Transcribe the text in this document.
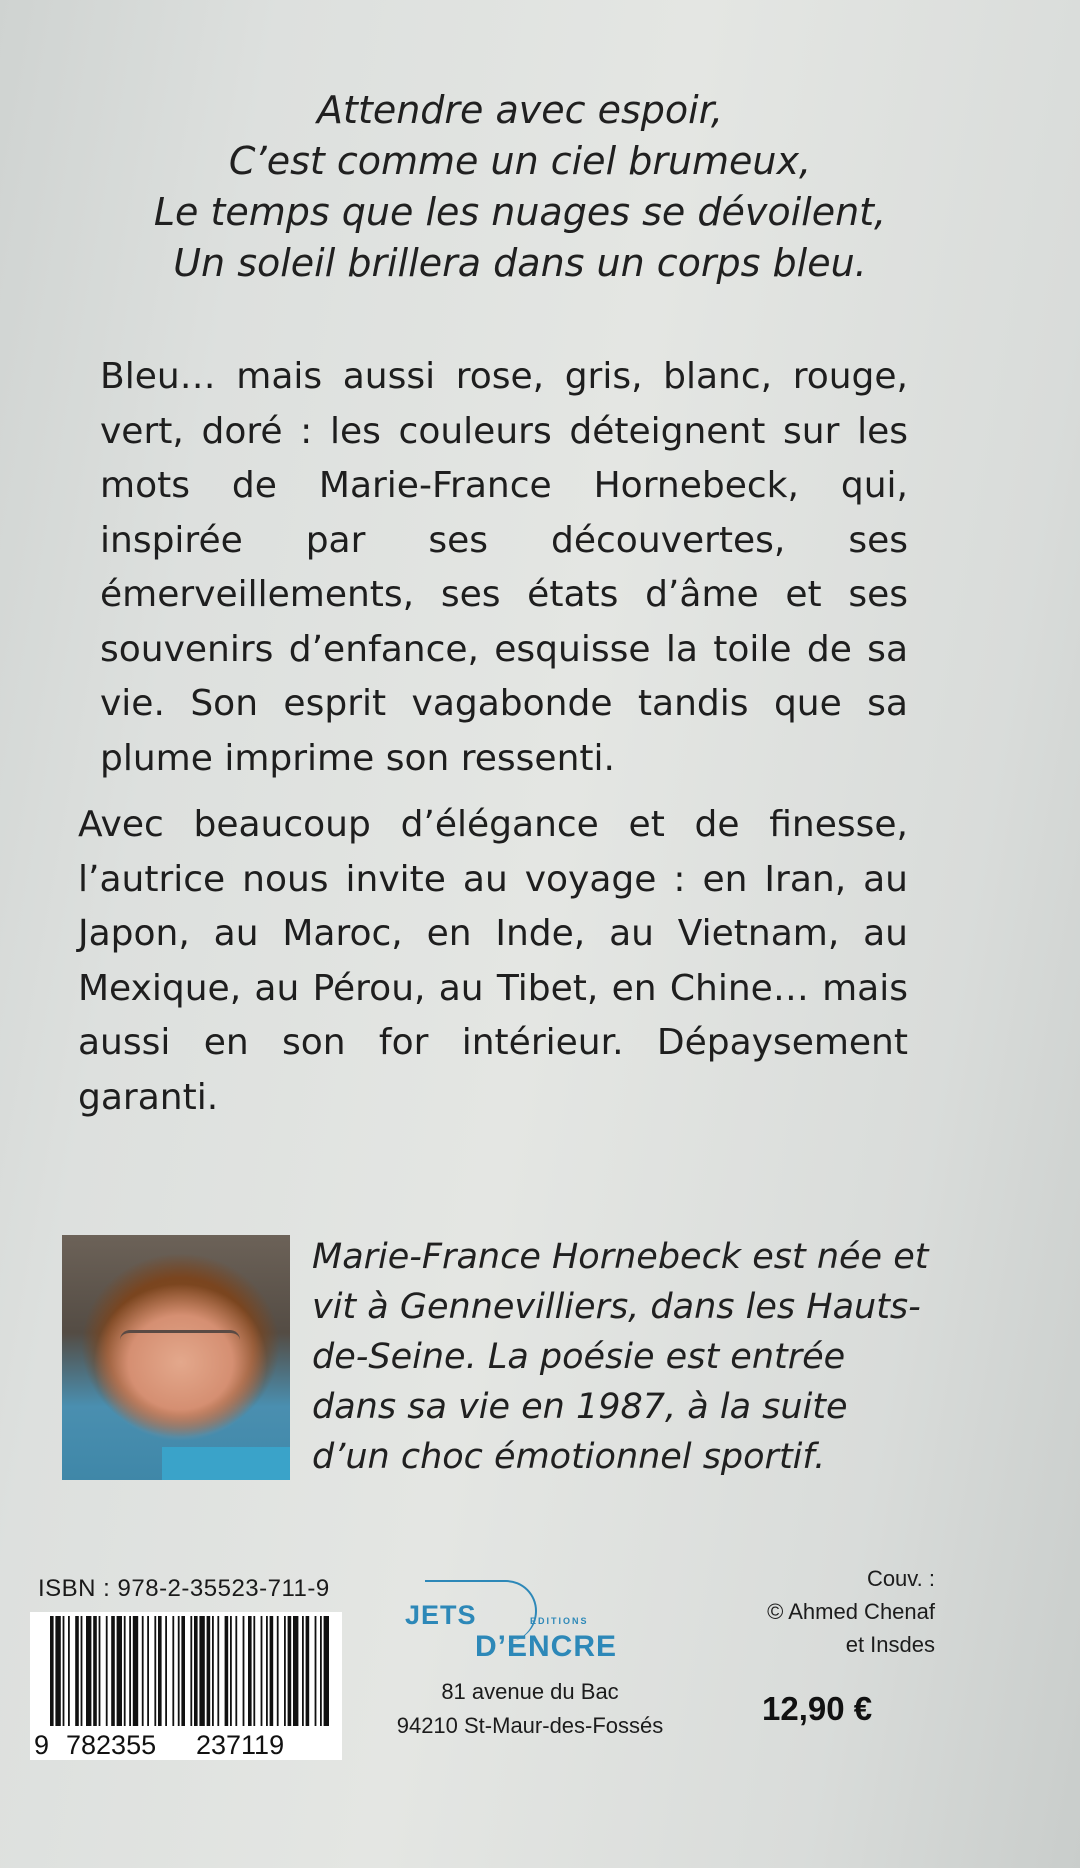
Attendre avec espoir,
C’est comme un ciel brumeux,
Le temps que les nuages se dévoilent,
Un soleil brillera dans un corps bleu.

Bleu… mais aussi rose, gris, blanc, rouge, vert, doré : les couleurs déteignent sur les mots de Marie-France Hornebeck, qui, inspirée par ses découvertes, ses émerveillements, ses états d’âme et ses souvenirs d’enfance, esquisse la toile de sa vie. Son esprit vagabonde tandis que sa plume imprime son ressenti.

Avec beaucoup d’élégance et de finesse, l’autrice nous invite au voyage : en Iran, au Japon, au Maroc, en Inde, au Vietnam, au Mexique, au Pérou, au Tibet, en Chine… mais aussi en son for intérieur. Dépaysement garanti.

Marie-France Hornebeck est née et
vit à Gennevilliers, dans les Hauts-
de-Seine. La poésie est entrée
dans sa vie en 1987, à la suite
d’un choc émotionnel sportif.
ISBN : 978-2-35523-711-9
9 782355 237119
JETS	EDITIONS
D’ENCRE
81 avenue du Bac
94210 St-Maur-des-Fossés
Couv. :
© Ahmed Chenaf
et Insdes
12,90 €
